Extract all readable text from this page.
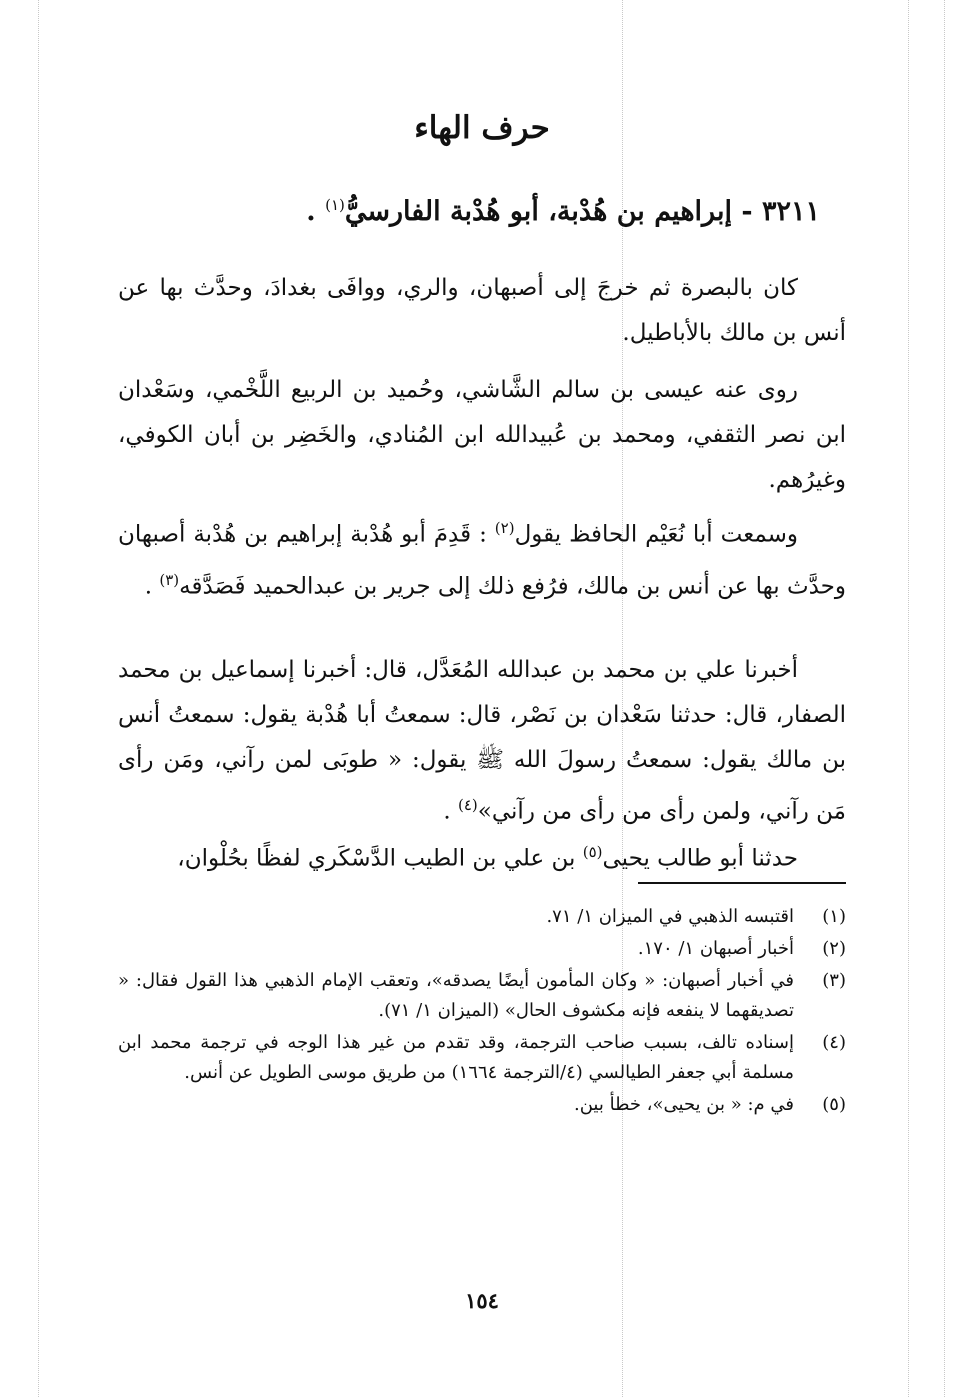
حرف الهاء
٣٢١١ - إبراهيم بن هُدْبة، أبو هُدْبة الفارسيُّ$^{(١)}$ .

كان بالبصرة ثم خرجَ إلى أصبهان، والري، ووافَى بغدادَ، وحدَّث بها عن أنس بن مالك بالأباطيل.

روى عنه عيسى بن سالم الشَّاشي، وحُميد بن الربيع اللَّخْمي، وسَعْدان ابن نصر الثقفي، ومحمد بن عُبيدالله ابن المُنادي، والخَضِر بن أبان الكوفي، وغيرُهم.

وسمعت أبا نُعَيْم الحافظ يقول$^{(٢)}$ : قَدِمَ أبو هُدْبة إبراهيم بن هُدْبة أصبهان وحدَّث بها عن أنس بن مالك، فرُفع ذلك إلى جرير بن عبدالحميد فَصَدَّقه$^{(٣)}$ .

أخبرنا علي بن محمد بن عبدالله المُعَدَّل، قال: أخبرنا إسماعيل بن محمد الصفار، قال: حدثنا سَعْدان بن نَصْر، قال: سمعتُ أبا هُدْبة يقول: سمعتُ أنس بن مالك يقول: سمعتُ رسولَ الله ﷺ يقول: « طوبَى لمن رآني، ومَن رأى مَن رآني، ولمن رأى من رأى من رآني»$^{(٤)}$ .

حدثنا أبو طالب يحيى$^{(٥)}$ بن علي بن الطيب الدَّسْكَري لفظًا بحُلْوان،

(١)
اقتبسه الذهبي في الميزان ١/ ٧١.
(٢)
أخبار أصبهان ١/ ١٧٠.
(٣)
في أخبار أصبهان: « وكان المأمون أيضًا يصدقه»، وتعقب الإمام الذهبي هذا القول فقال: « تصديقهما لا ينفعه فإنه مكشوف الحال» (الميزان ١/ ٧١).
(٤)
إسناده تالف، بسبب صاحب الترجمة، وقد تقدم من غير هذا الوجه في ترجمة محمد ابن مسلمة أبي جعفر الطيالسي (٤/الترجمة ١٦٦٤) من طريق موسى الطويل عن أنس.
(٥)
في م: « بن يحيى»، خطأ بين.
١٥٤
